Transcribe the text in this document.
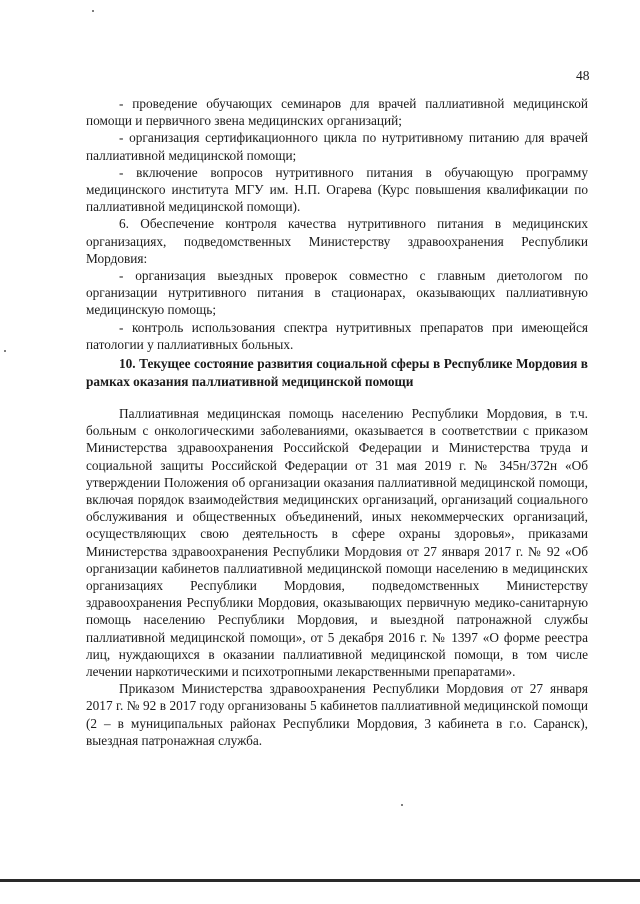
48

- проведение обучающих семинаров для врачей паллиативной медицинской помощи и первичного звена медицинских организаций;

- организация сертификационного цикла по нутритивному питанию для врачей паллиативной медицинской помощи;

- включение вопросов нутритивного питания в обучающую программу медицинского института МГУ им. Н.П. Огарева (Курс повышения квалификации по паллиативной медицинской помощи).

6. Обеспечение контроля качества нутритивного питания в медицинских организациях, подведомственных Министерству здравоохранения Республики Мордовия:

- организация выездных проверок совместно с главным диетологом по организации нутритивного питания в стационарах, оказывающих паллиативную медицинскую помощь;

- контроль использования спектра нутритивных препаратов при имеющейся патологии у паллиативных больных.

10. Текущее состояние развития социальной сферы в Республике Мордовия в рамках оказания паллиативной медицинской помощи

Паллиативная медицинская помощь населению Республики Мордовия, в т.ч. больным с онкологическими заболеваниями, оказывается в соответствии с приказом Министерства здравоохранения Российской Федерации и Министерства труда и социальной защиты Российской Федерации от 31 мая 2019 г. № 345н/372н «Об утверждении Положения об организации оказания паллиативной медицинской помощи, включая порядок взаимодействия медицинских организаций, организаций социального обслуживания и общественных объединений, иных некоммерческих организаций, осуществляющих свою деятельность в сфере охраны здоровья», приказами Министерства здравоохранения Республики Мордовия от 27 января 2017 г. № 92 «Об организации кабинетов паллиативной медицинской помощи населению в медицинских организациях Республики Мордовия, подведомственных Министерству здравоохранения Республики Мордовия, оказывающих первичную медико-санитарную помощь населению Республики Мордовия, и выездной патронажной службы паллиативной медицинской помощи», от 5 декабря 2016 г. № 1397 «О форме реестра лиц, нуждающихся в оказании паллиативной медицинской помощи, в том числе лечении наркотическими и психотропными лекарственными препаратами».

Приказом Министерства здравоохранения Республики Мордовия от 27 января 2017 г. № 92 в 2017 году организованы 5 кабинетов паллиативной медицинской помощи (2 – в муниципальных районах Республики Мордовия, 3 кабинета в г.о. Саранск), выездная патронажная служба.
